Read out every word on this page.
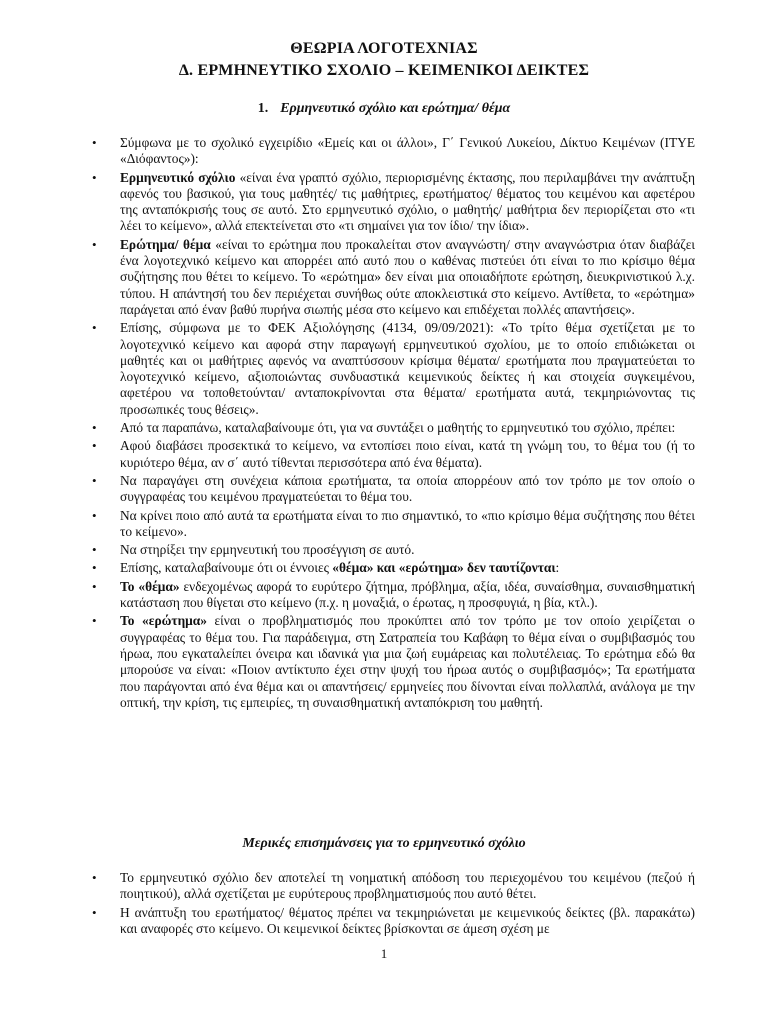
ΘΕΩΡΙΑ ΛΟΓΟΤΕΧΝΙΑΣ
Δ. ΕΡΜΗΝΕΥΤΙΚΟ ΣΧΟΛΙΟ – ΚΕΙΜΕΝΙΚΟΙ ΔΕΙΚΤΕΣ
1. Ερμηνευτικό σχόλιο και ερώτημα/ θέμα
• Σύμφωνα με το σχολικό εγχειρίδιο «Εμείς και οι άλλοι», Γ΄ Γενικού Λυκείου, Δίκτυο Κειμένων (ΙΤΥΕ «Διόφαντος»):
• Ερμηνευτικό σχόλιο «είναι ένα γραπτό σχόλιο, περιορισμένης έκτασης, που περιλαμβάνει την ανάπτυξη αφενός του βασικού, για τους μαθητές/ τις μαθήτριες, ερωτήματος/ θέματος του κειμένου και αφετέρου της ανταπόκρισής τους σε αυτό. Στο ερμηνευτικό σχόλιο, ο μαθητής/ μαθήτρια δεν περιορίζεται στο «τι λέει το κείμενο», αλλά επεκτείνεται στο «τι σημαίνει για τον ίδιο/ την ίδια».
• Ερώτημα/ θέμα «είναι το ερώτημα που προκαλείται στον αναγνώστη/ στην αναγνώστρια όταν διαβάζει ένα λογοτεχνικό κείμενο και απορρέει από αυτό που ο καθένας πιστεύει ότι είναι το πιο κρίσιμο θέμα συζήτησης που θέτει το κείμενο. Το «ερώτημα» δεν είναι μια οποιαδήποτε ερώτηση, διευκρινιστικού λ.χ. τύπου. Η απάντησή του δεν περιέχεται συνήθως ούτε αποκλειστικά στο κείμενο. Αντίθετα, το «ερώτημα» παράγεται από έναν βαθύ πυρήνα σιωπής μέσα στο κείμενο και επιδέχεται πολλές απαντήσεις».
• Επίσης, σύμφωνα με το ΦΕΚ Αξιολόγησης (4134, 09/09/2021): «Το τρίτο θέμα σχετίζεται με το λογοτεχνικό κείμενο και αφορά στην παραγωγή ερμηνευτικού σχολίου, με το οποίο επιδιώκεται οι μαθητές και οι μαθήτριες αφενός να αναπτύσσουν κρίσιμα θέματα/ ερωτήματα που πραγματεύεται το λογοτεχνικό κείμενο, αξιοποιώντας συνδυαστικά κειμενικούς δείκτες ή και στοιχεία συγκειμένου, αφετέρου να τοποθετούνται/ ανταποκρίνονται στα θέματα/ ερωτήματα αυτά, τεκμηριώνοντας τις προσωπικές τους θέσεις».
• Από τα παραπάνω, καταλαβαίνουμε ότι, για να συντάξει ο μαθητής το ερμηνευτικό του σχόλιο, πρέπει:
• Αφού διαβάσει προσεκτικά το κείμενο, να εντοπίσει ποιο είναι, κατά τη γνώμη του, το θέμα του (ή το κυριότερο θέμα, αν σ΄ αυτό τίθενται περισσότερα από ένα θέματα).
• Να παραγάγει στη συνέχεια κάποια ερωτήματα, τα οποία απορρέουν από τον τρόπο με τον οποίο ο συγγραφέας του κειμένου πραγματεύεται το θέμα του.
• Να κρίνει ποιο από αυτά τα ερωτήματα είναι το πιο σημαντικό, το «πιο κρίσιμο θέμα συζήτησης που θέτει το κείμενο».
• Να στηρίξει την ερμηνευτική του προσέγγιση σε αυτό.
• Επίσης, καταλαβαίνουμε ότι οι έννοιες «θέμα» και «ερώτημα» δεν ταυτίζονται:
• Το «θέμα» ενδεχομένως αφορά το ευρύτερο ζήτημα, πρόβλημα, αξία, ιδέα, συναίσθημα, συναισθηματική κατάσταση που θίγεται στο κείμενο (π.χ. η μοναξιά, ο έρωτας, η προσφυγιά, η βία, κτλ.).
• Το «ερώτημα» είναι ο προβληματισμός που προκύπτει από τον τρόπο με τον οποίο χειρίζεται ο συγγραφέας το θέμα του. Για παράδειγμα, στη Σατραπεία του Καβάφη το θέμα είναι ο συμβιβασμός του ήρωα, που εγκαταλείπει όνειρα και ιδανικά για μια ζωή ευμάρειας και πολυτέλειας. Το ερώτημα εδώ θα μπορούσε να είναι: «Ποιον αντίκτυπο έχει στην ψυχή του ήρωα αυτός ο συμβιβασμός»; Τα ερωτήματα που παράγονται από ένα θέμα και οι απαντήσεις/ ερμηνείες που δίνονται είναι πολλαπλά, ανάλογα με την οπτική, την κρίση, τις εμπειρίες, τη συναισθηματική ανταπόκριση του μαθητή.
Μερικές επισημάνσεις για το ερμηνευτικό σχόλιο
• Το ερμηνευτικό σχόλιο δεν αποτελεί τη νοηματική απόδοση του περιεχομένου του κειμένου (πεζού ή ποιητικού), αλλά σχετίζεται με ευρύτερους προβληματισμούς που αυτό θέτει.
• Η ανάπτυξη του ερωτήματος/ θέματος πρέπει να τεκμηριώνεται με κειμενικούς δείκτες (βλ. παρακάτω) και αναφορές στο κείμενο. Οι κειμενικοί δείκτες βρίσκονται σε άμεση σχέση με
1
